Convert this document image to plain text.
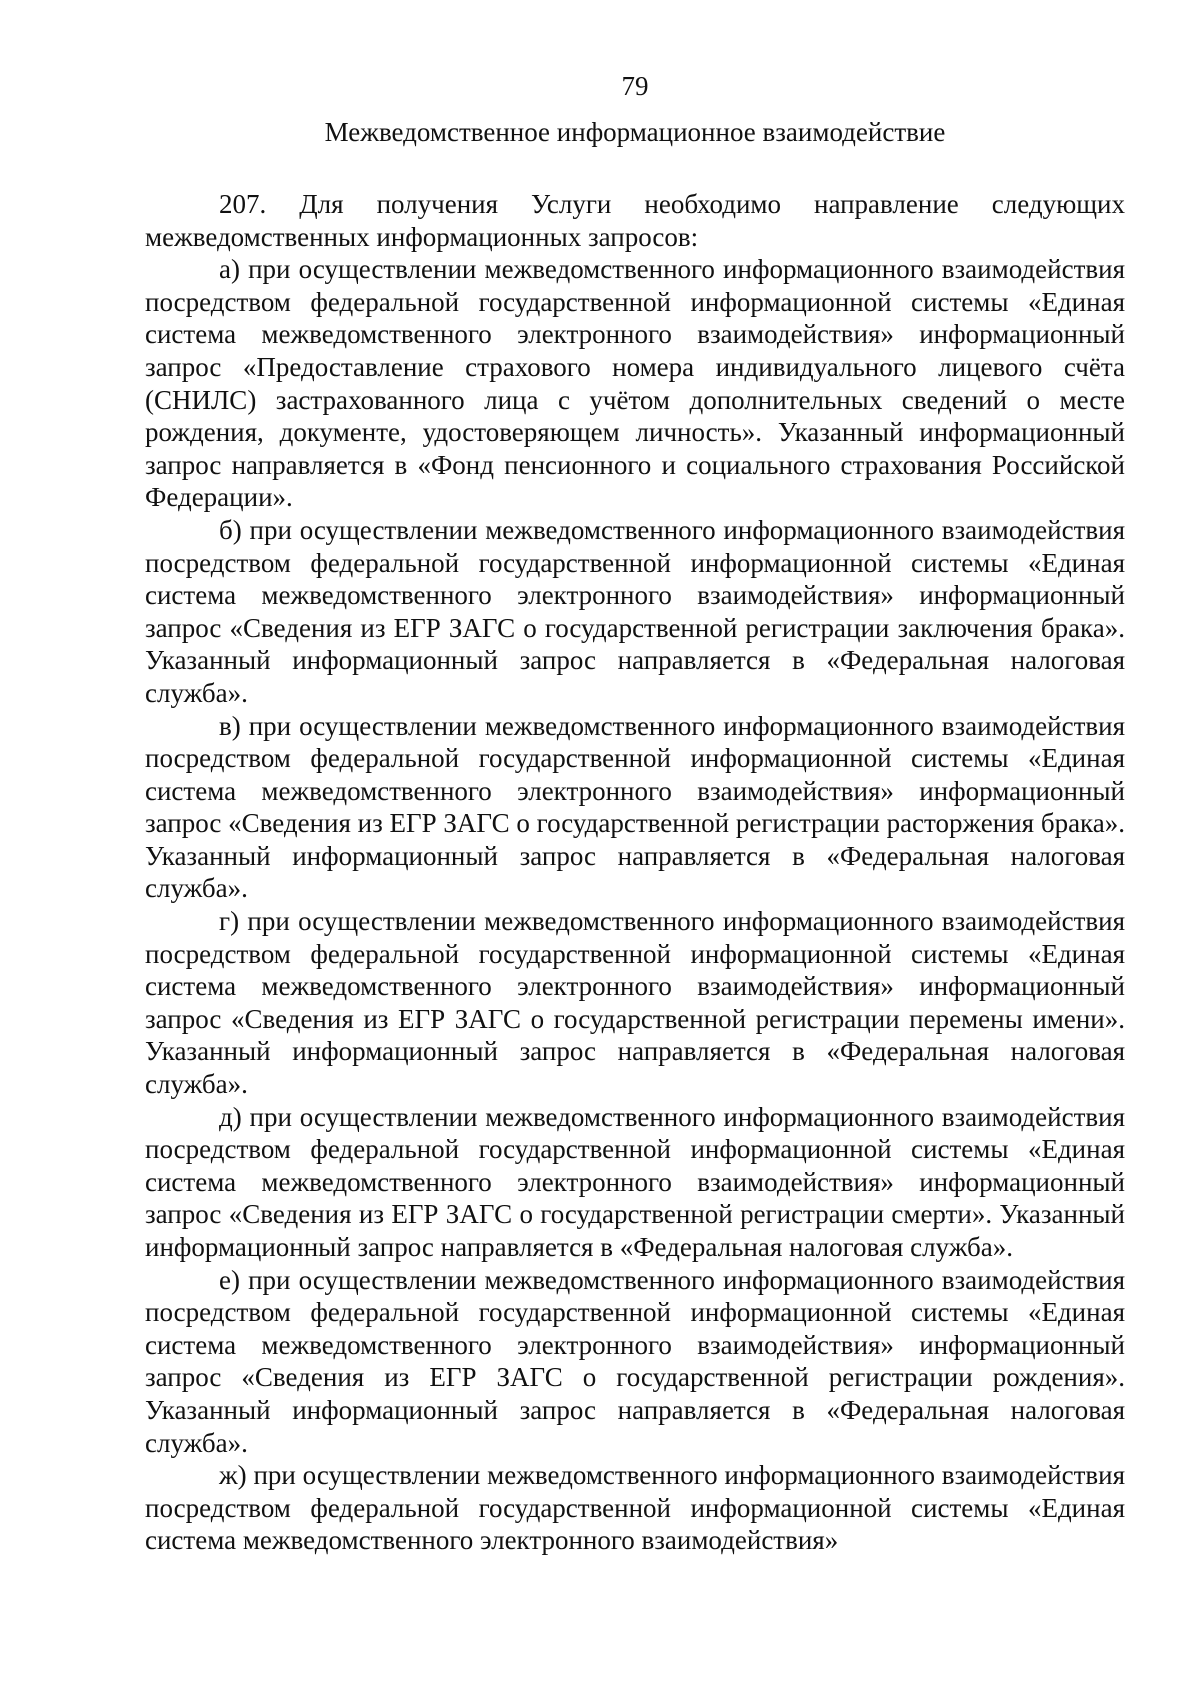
79

Межведомственное информационное взаимодействие

207. Для получения Услуги необходимо направление следующих межведомственных информационных запросов:

а) при осуществлении межведомственного информационного взаимодействия посредством федеральной государственной информационной системы «Единая система межведомственного электронного взаимодействия» информационный запрос «Предоставление страхового номера индивидуального лицевого счёта (СНИЛС) застрахованного лица с учётом дополнительных сведений о месте рождения, документе, удостоверяющем личность». Указанный информационный запрос направляется в «Фонд пенсионного и социального страхования Российской Федерации».

б) при осуществлении межведомственного информационного взаимодействия посредством федеральной государственной информационной системы «Единая система межведомственного электронного взаимодействия» информационный запрос «Сведения из ЕГР ЗАГС о государственной регистрации заключения брака». Указанный информационный запрос направляется в «Федеральная налоговая служба».

в) при осуществлении межведомственного информационного взаимодействия посредством федеральной государственной информационной системы «Единая система межведомственного электронного взаимодействия» информационный запрос «Сведения из ЕГР ЗАГС о государственной регистрации расторжения брака». Указанный информационный запрос направляется в «Федеральная налоговая служба».

г) при осуществлении межведомственного информационного взаимодействия посредством федеральной государственной информационной системы «Единая система межведомственного электронного взаимодействия» информационный запрос «Сведения из ЕГР ЗАГС о государственной регистрации перемены имени». Указанный информационный запрос направляется в «Федеральная налоговая служба».

д) при осуществлении межведомственного информационного взаимодействия посредством федеральной государственной информационной системы «Единая система межведомственного электронного взаимодействия» информационный запрос «Сведения из ЕГР ЗАГС о государственной регистрации смерти». Указанный информационный запрос направляется в «Федеральная налоговая служба».

е) при осуществлении межведомственного информационного взаимодействия посредством федеральной государственной информационной системы «Единая система межведомственного электронного взаимодействия» информационный запрос «Сведения из ЕГР ЗАГС о государственной регистрации рождения». Указанный информационный запрос направляется в «Федеральная налоговая служба».

ж) при осуществлении межведомственного информационного взаимодействия посредством федеральной государственной информационной системы «Единая система межведомственного электронного взаимодействия»
